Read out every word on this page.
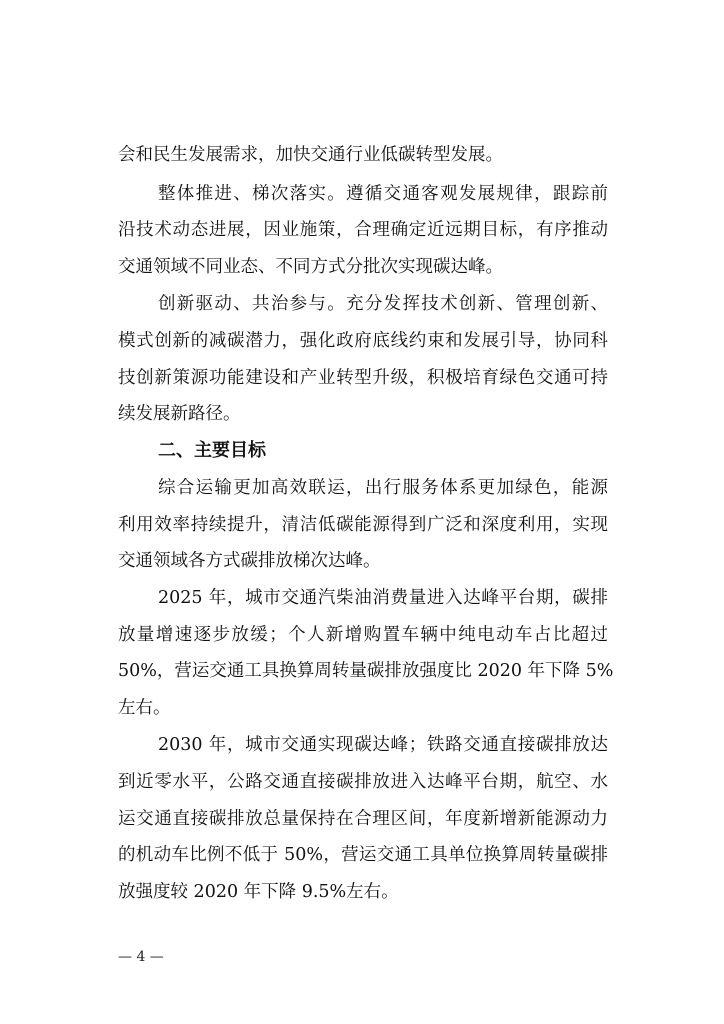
会和民生发展需求，加快交通行业低碳转型发展。

整体推进、梯次落实。遵循交通客观发展规律，跟踪前

沿技术动态进展，因业施策，合理确定近远期目标，有序推动

交通领域不同业态、不同方式分批次实现碳达峰。

创新驱动、共治参与。充分发挥技术创新、管理创新、

模式创新的减碳潜力，强化政府底线约束和发展引导，协同科

技创新策源功能建设和产业转型升级，积极培育绿色交通可持

续发展新路径。

二、主要目标

综合运输更加高效联运，出行服务体系更加绿色，能源

利用效率持续提升，清洁低碳能源得到广泛和深度利用，实现

交通领域各方式碳排放梯次达峰。

2025 年，城市交通汽柴油消费量进入达峰平台期，碳排

放量增速逐步放缓；个人新增购置车辆中纯电动车占比超过

50%，营运交通工具换算周转量碳排放强度比 2020 年下降 5%

左右。

2030 年，城市交通实现碳达峰；铁路交通直接碳排放达

到近零水平，公路交通直接碳排放进入达峰平台期，航空、水

运交通直接碳排放总量保持在合理区间，年度新增新能源动力

的机动车比例不低于 50%，营运交通工具单位换算周转量碳排

放强度较 2020 年下降 9.5%左右。

— 4 —
